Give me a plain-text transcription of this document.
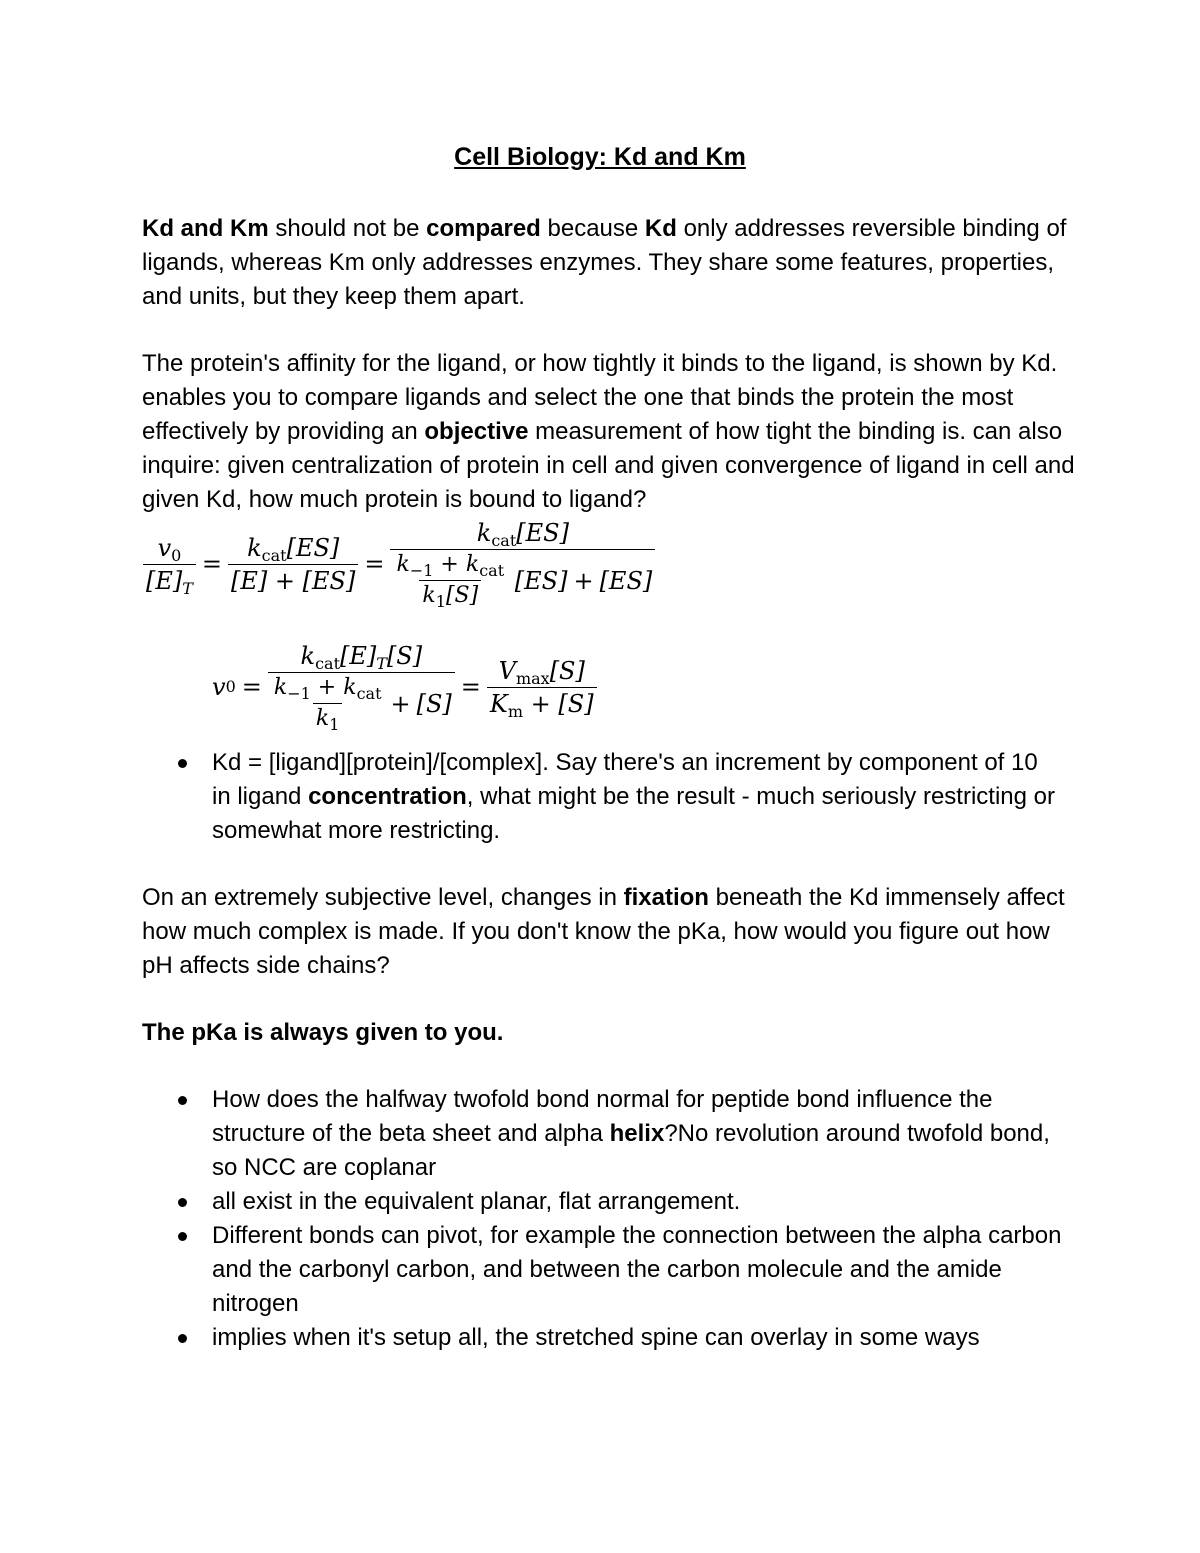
Cell Biology: Kd and Km

Kd and Km should not be compared because Kd only addresses reversible binding of ligands, whereas Km only addresses enzymes. They share some features, properties, and units, but they keep them apart.

The protein's affinity for the ligand, or how tightly it binds to the ligand, is shown by Kd. enables you to compare ligands and select the one that binds the protein the most effectively by providing an objective measurement of how tight the binding is. can also inquire: given centralization of protein in cell and given convergence of ligand in cell and given Kd, how much protein is bound to ligand?

$\frac{v_0}{[E]_T} = \frac{k_{cat}[ES]}{[E] + [ES]} = k_{cat}[ES]$
$\frac{k_{-1} + k_{cat}}{k_1[S]}$
[ES] + [ES]
v $0 = \frac{k_{cat}[E]_T[S]}{\frac{k_{-1} + k_{cat}}{k_1} + [S]} = \frac{V_{max}[S]}{K_m + [S]}$
Kd = [ligand][protein]/[complex]. Say there's an increment by component of 10 in ligand concentration, what might be the result - much seriously restricting or somewhat more restricting.

On an extremely subjective level, changes in fixation beneath the Kd immensely affect how much complex is made. If you don't know the pKa, how would you figure out how pH affects side chains?

The pKa is always given to you.

How does the halfway twofold bond normal for peptide bond influence the structure of the beta sheet and alpha helix?No revolution around twofold bond, so NCC are coplanar
all exist in the equivalent planar, flat arrangement.
Different bonds can pivot, for example the connection between the alpha carbon and the carbonyl carbon, and between the carbon molecule and the amide nitrogen
implies when it's setup all, the stretched spine can overlay in some ways
